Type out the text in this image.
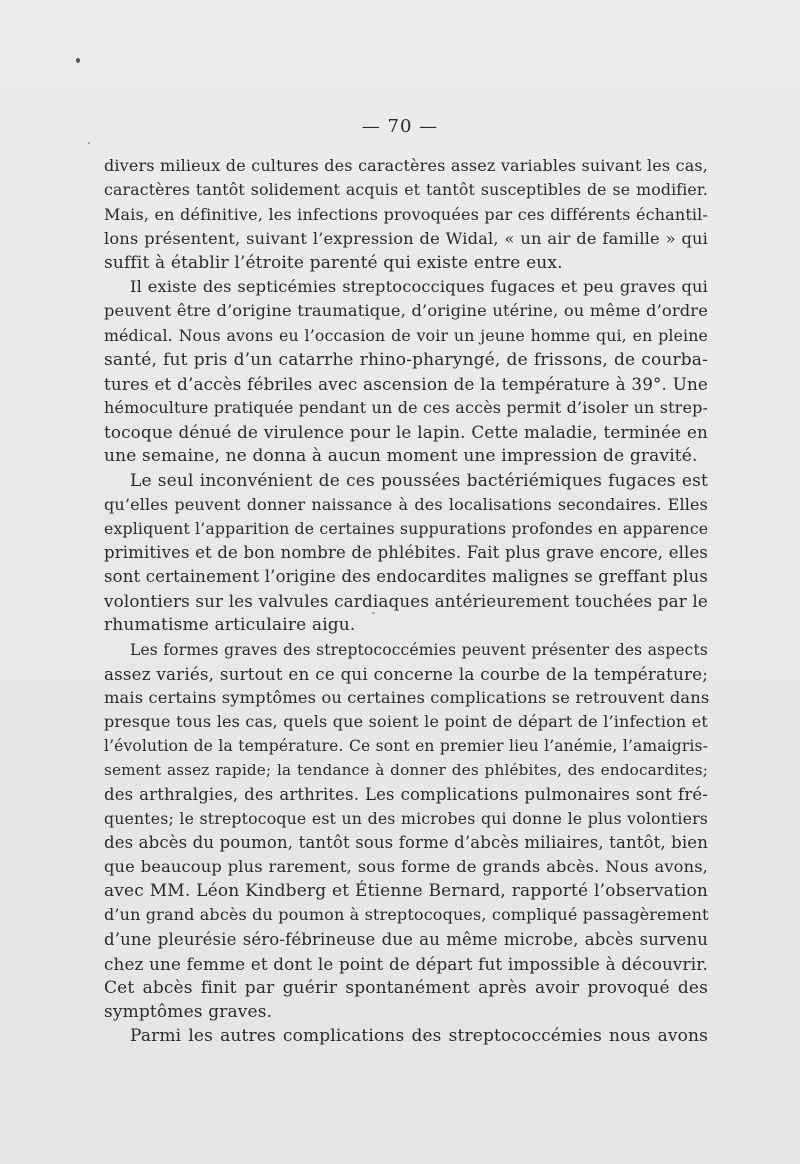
— 70 —
divers milieux de cultures des caractères assez variables suivant les cas,
caractères tantôt solidement acquis et tantôt susceptibles de se modifier.
Mais, en définitive, les infections provoquées par ces différents échantil-
lons présentent, suivant l’expression de Widal, « un air de famille » qui
suffit à établir l’étroite parenté qui existe entre eux.
Il existe des septicémies streptococciques fugaces et peu graves qui
peuvent être d’origine traumatique, d’origine utérine, ou même d’ordre
médical. Nous avons eu l’occasion de voir un jeune homme qui, en pleine
santé, fut pris d’un catarrhe rhino-pharyngé, de frissons, de courba-
tures et d’accès fébriles avec ascension de la température à 39°. Une
hémoculture pratiquée pendant un de ces accès permit d’isoler un strep-
tocoque dénué de virulence pour le lapin. Cette maladie, terminée en
une semaine, ne donna à aucun moment une impression de gravité.
Le seul inconvénient de ces poussées bactériémiques fugaces est
qu’elles peuvent donner naissance à des localisations secondaires. Elles
expliquent l’apparition de certaines suppurations profondes en apparence
primitives et de bon nombre de phlébites. Fait plus grave encore, elles
sont certainement l’origine des endocardites malignes se greffant plus
volontiers sur les valvules cardiaques antérieurement touchées par le
rhumatisme articulaire aigu.
Les formes graves des streptococcémies peuvent présenter des aspects
assez variés, surtout en ce qui concerne la courbe de la température;
mais certains symptômes ou certaines complications se retrouvent dans
presque tous les cas, quels que soient le point de départ de l’infection et
l’évolution de la température. Ce sont en premier lieu l’anémie, l’amaigris-
sement assez rapide; la tendance à donner des phlébites, des endocardites;
des arthralgies, des arthrites. Les complications pulmonaires sont fré-
quentes; le streptocoque est un des microbes qui donne le plus volontiers
des abcès du poumon, tantôt sous forme d’abcès miliaires, tantôt, bien
que beaucoup plus rarement, sous forme de grands abcès. Nous avons,
avec MM. Léon Kindberg et Étienne Bernard, rapporté l’observation
d’un grand abcès du poumon à streptocoques, compliqué passagèrement
d’une pleurésie séro-fébrineuse due au même microbe, abcès survenu
chez une femme et dont le point de départ fut impossible à découvrir.
Cet abcès finit par guérir spontanément après avoir provoqué des
symptômes graves.
Parmi les autres complications des streptococcémies nous avons
